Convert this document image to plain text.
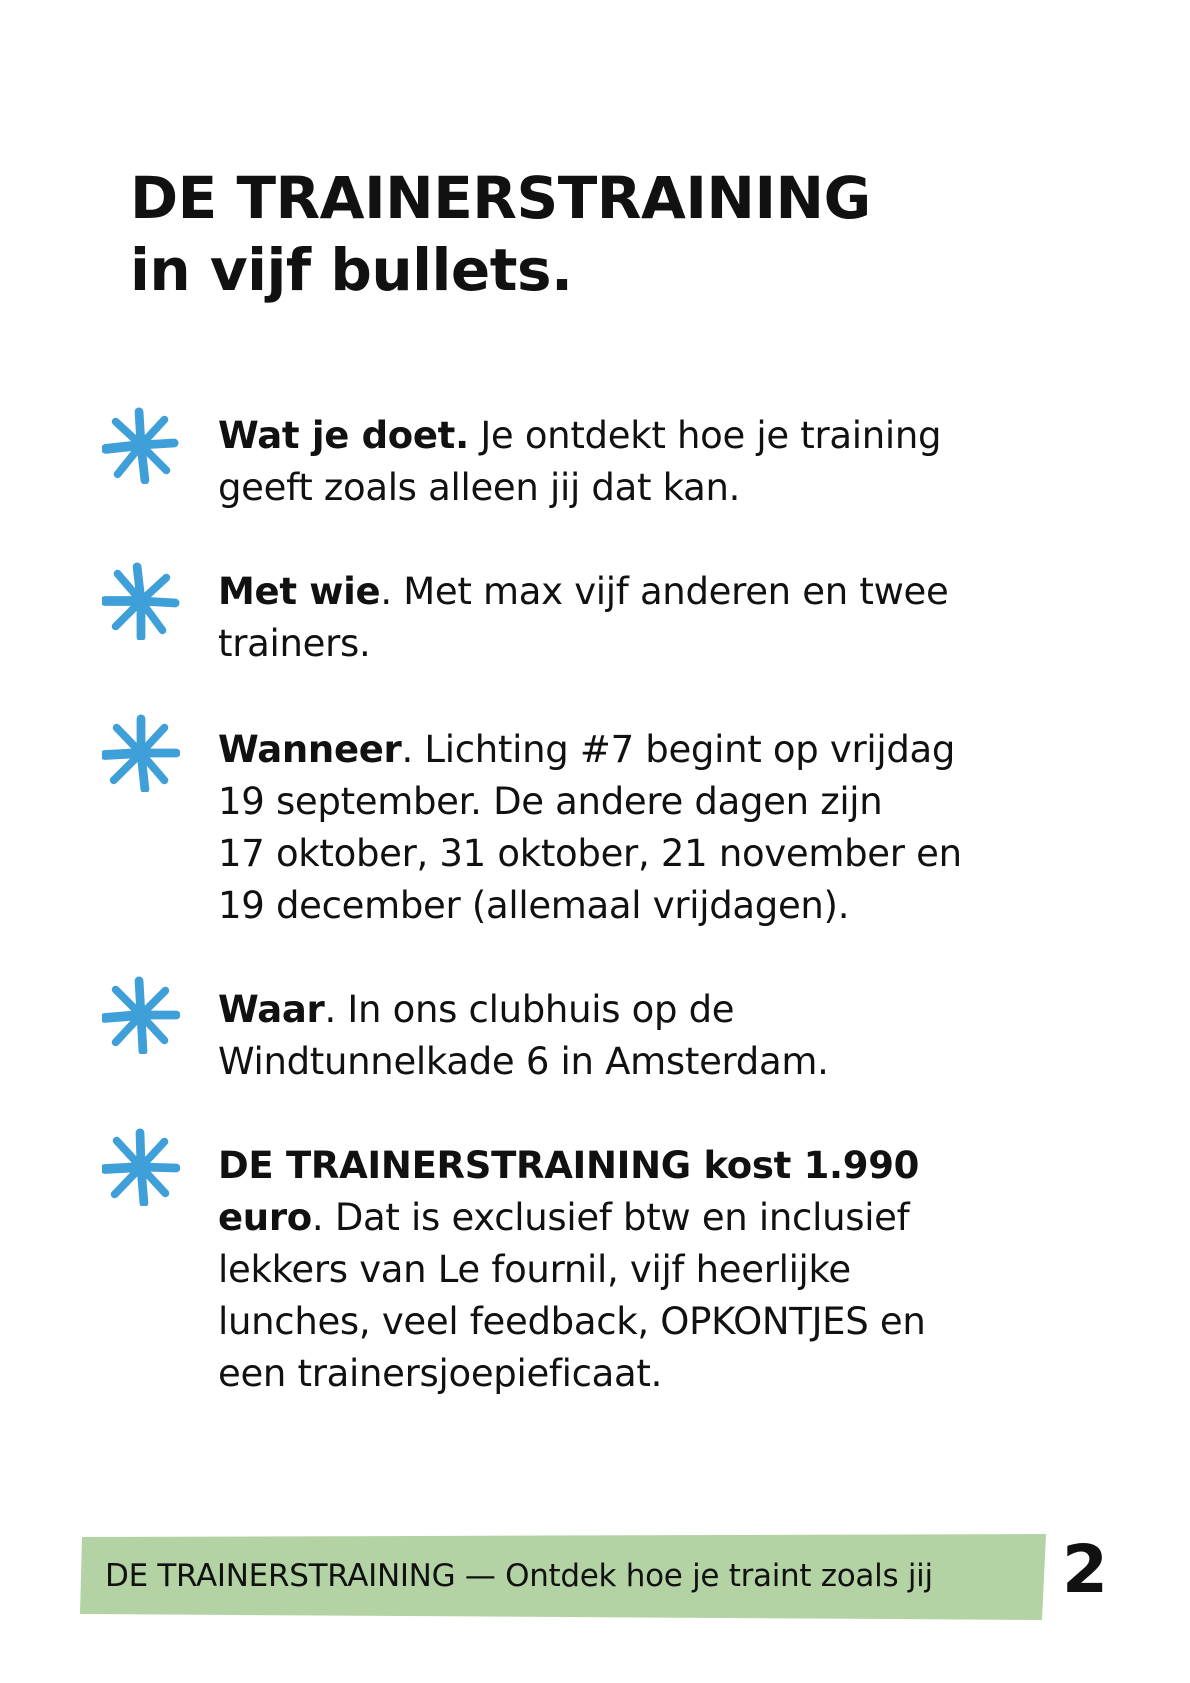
DE TRAINERSTRAINING
in vijf bullets.

Wat je doet. Je ontdekt hoe je training
geeft zoals alleen jij dat kan.

Met wie. Met max vijf anderen en twee
trainers.

Wanneer. Lichting #7 begint op vrijdag
19 september. De andere dagen zijn
17 oktober, 31 oktober, 21 november en
19 december (allemaal vrijdagen).

Waar. In ons clubhuis op de
Windtunnelkade 6 in Amsterdam.

DE TRAINERSTRAINING kost 1.990
euro. Dat is exclusief btw en inclusief
lekkers van Le fournil, vijf heerlijke
lunches, veel feedback, OPKONTJES en
een trainersjoepieficaat.

DE TRAINERSTRAINING — Ontdek hoe je traint zoals jij 2
